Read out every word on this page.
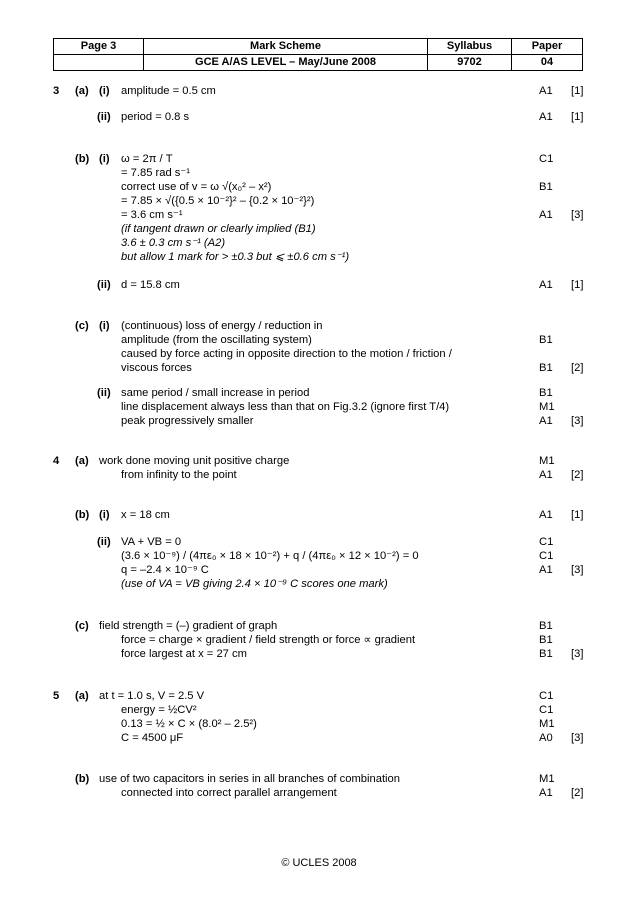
Page 3	Mark Scheme	Syllabus	Paper
	GCE A/AS LEVEL – May/June 2008	9702	04
3 (a) (i) amplitude = 0.5 cm	A1 [1]
(ii) period = 0.8 s	A1 [1]
(b) (i) ω = 2π / T	C1
= 7.85 rad s⁻¹
correct use of v = ω √(x₀² – x²)	B1
= 7.85 × √({0.5 × 10⁻²}² – {0.2 × 10⁻²}²)
= 3.6 cm s⁻¹	A1 [3]
(if tangent drawn or clearly implied (B1)
3.6 ± 0.3 cm s⁻¹ (A2)
but allow 1 mark for > ±0.3 but ⩽ ±0.6 cm s⁻¹)
(ii) d = 15.8 cm	A1 [1]
(c) (i) (continuous) loss of energy / reduction in
amplitude (from the oscillating system)	B1
caused by force acting in opposite direction to the motion / friction /
viscous forces	B1 [2]
(ii) same period / small increase in period	B1
line displacement always less than that on Fig.3.2 (ignore first T/4)	M1
peak progressively smaller	A1 [3]
4 (a) work done moving unit positive charge	M1
from infinity to the point	A1 [2]
(b) (i) x = 18 cm	A1 [1]
(ii) VA + VB = 0	C1
(3.6 × 10⁻⁹) / (4πε₀ × 18 × 10⁻²) + q / (4πε₀ × 12 × 10⁻²) = 0	C1
q = –2.4 × 10⁻⁹ C	A1 [3]
(use of VA = VB giving 2.4 × 10⁻⁹ C scores one mark)
(c) field strength = (–) gradient of graph	B1
force = charge × gradient / field strength or force ∝ gradient	B1
force largest at x = 27 cm	B1 [3]
5 (a) at t = 1.0 s, V = 2.5 V	C1
energy = ½CV²	C1
0.13 = ½ × C × (8.0² – 2.5²)	M1
C = 4500 μF	A0 [3]
(b) use of two capacitors in series in all branches of combination	M1
connected into correct parallel arrangement	A1 [2]
© UCLES 2008
